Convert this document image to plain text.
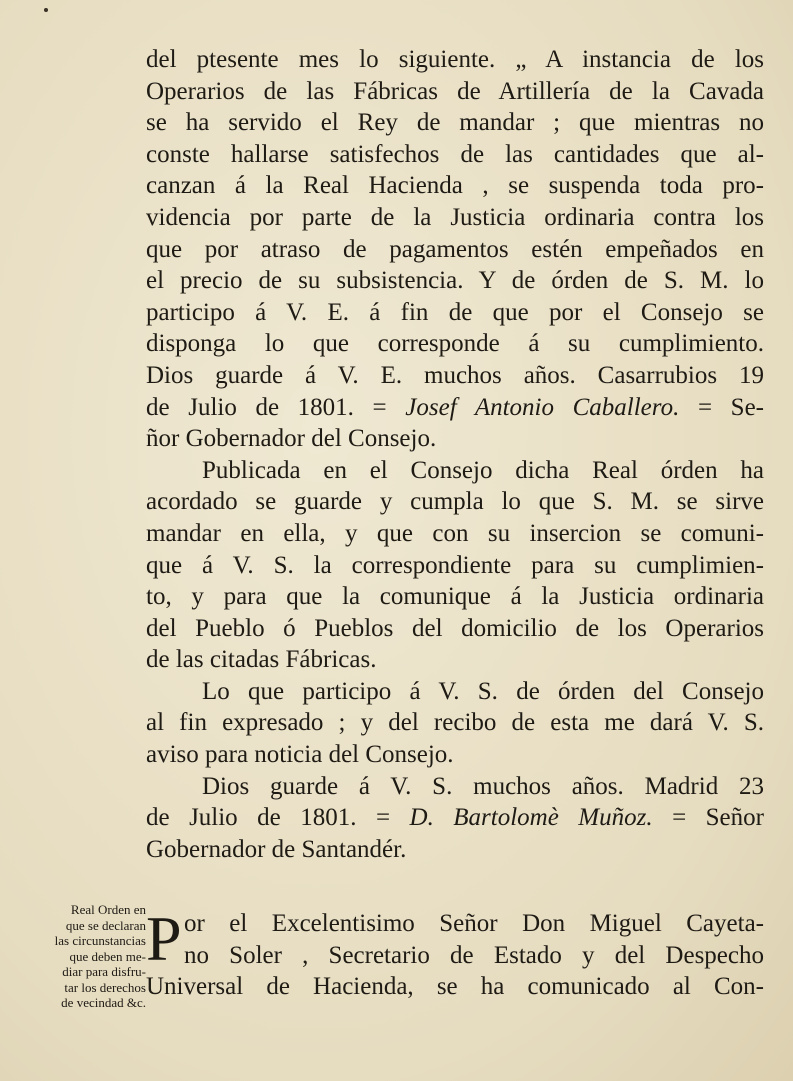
del ptesente mes lo siguiente. „ A instancia de los
Operarios de las Fábricas de Artillería de la Cavada
se ha servido el Rey de mandar ; que mientras no
conste hallarse satisfechos de las cantidades que al-
canzan á la Real Hacienda , se suspenda toda pro-
videncia por parte de la Justicia ordinaria contra los
que por atraso de pagamentos estén empeñados en
el precio de su subsistencia. Y de órden de S. M. lo
participo á V. E. á fin de que por el Consejo se
disponga lo que corresponde á su cumplimiento.
Dios guarde á V. E. muchos años. Casarrubios 19
de Julio de 1801. = Josef Antonio Caballero. = Se-
ñor Gobernador del Consejo.
Publicada en el Consejo dicha Real órden ha
acordado se guarde y cumpla lo que S. M. se sirve
mandar en ella, y que con su insercion se comuni-
que á V. S. la correspondiente para su cumplimien-
to, y para que la comunique á la Justicia ordinaria
del Pueblo ó Pueblos del domicilio de los Operarios
de las citadas Fábricas.
Lo que participo á V. S. de órden del Consejo
al fin expresado ; y del recibo de esta me dará V. S.
aviso para noticia del Consejo.
Dios guarde á V. S. muchos años. Madrid 23
de Julio de 1801. = D. Bartolomè Muñoz. = Señor
Gobernador de Santandér.
Real Orden en
que se declaran
las circunstancias
que deben me-
diar para disfru-
tar los derechos
de vecindad &c.
P or el Excelentisimo Señor Don Miguel Cayeta-
no Soler , Secretario de Estado y del Despecho
Universal de Hacienda, se ha comunicado al Con-
